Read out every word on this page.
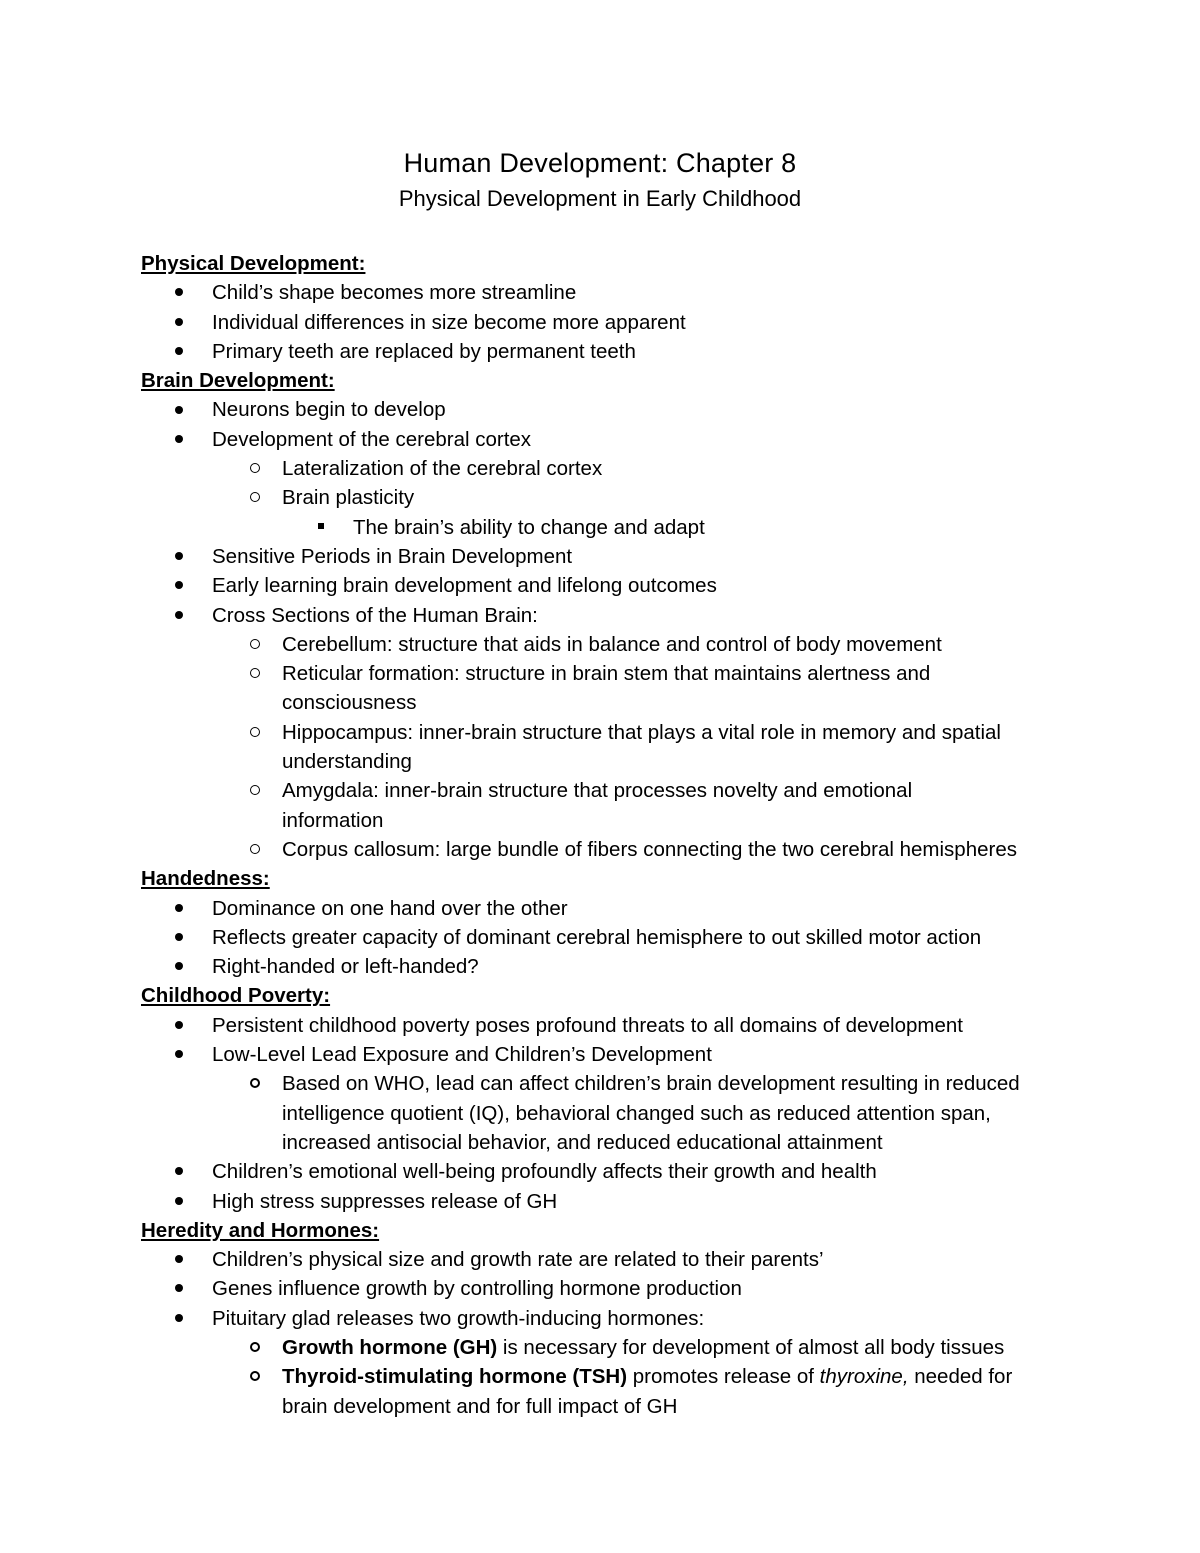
Human Development: Chapter 8
Physical Development in Early Childhood
Physical Development:
Child’s shape becomes more streamline
Individual differences in size become more apparent
Primary teeth are replaced by permanent teeth
Brain Development:
Neurons begin to develop
Development of the cerebral cortex
Lateralization of the cerebral cortex
Brain plasticity
The brain’s ability to change and adapt
Sensitive Periods in Brain Development
Early learning brain development and lifelong outcomes
Cross Sections of the Human Brain:
Cerebellum: structure that aids in balance and control of body movement
Reticular formation: structure in brain stem that maintains alertness and
consciousness
Hippocampus: inner-brain structure that plays a vital role in memory and spatial
understanding
Amygdala: inner-brain structure that processes novelty and emotional
information
Corpus callosum: large bundle of fibers connecting the two cerebral hemispheres
Handedness:
Dominance on one hand over the other
Reflects greater capacity of dominant cerebral hemisphere to out skilled motor action
Right-handed or left-handed?
Childhood Poverty:
Persistent childhood poverty poses profound threats to all domains of development
Low-Level Lead Exposure and Children’s Development
Based on WHO, lead can affect children’s brain development resulting in reduced
intelligence quotient (IQ), behavioral changed such as reduced attention span,
increased antisocial behavior, and reduced educational attainment
Children’s emotional well-being profoundly affects their growth and health
High stress suppresses release of GH
Heredity and Hormones:
Children’s physical size and growth rate are related to their parents’
Genes influence growth by controlling hormone production
Pituitary glad releases two growth-inducing hormones:
Growth hormone (GH) is necessary for development of almost all body tissues
Thyroid-stimulating hormone (TSH) promotes release of thyroxine, needed for
brain development and for full impact of GH
